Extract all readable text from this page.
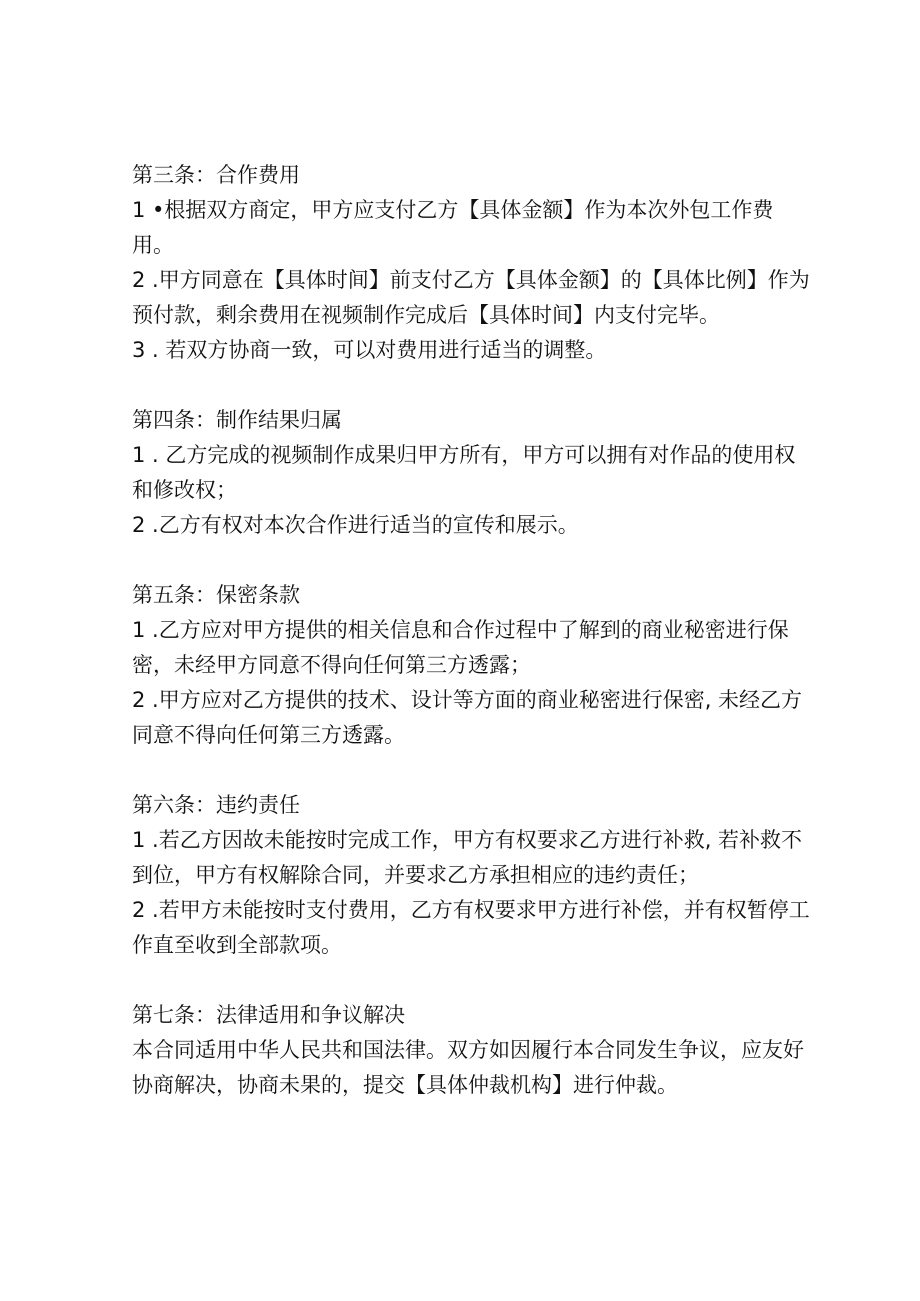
第三条：合作费用

1 •根据双方商定，甲方应支付乙方【具体金额】作为本次外包工作费用。

2 .甲方同意在【具体时间】前支付乙方【具体金额】的【具体比例】作为预付款，剩余费用在视频制作完成后【具体时间】内支付完毕。

3 . 若双方协商一致，可以对费用进行适当的调整。

第四条：制作结果归属

1 . 乙方完成的视频制作成果归甲方所有，甲方可以拥有对作品的使用权和修改权；

2 .乙方有权对本次合作进行适当的宣传和展示。

第五条：保密条款

1 .乙方应对甲方提供的相关信息和合作过程中了解到的商业秘密进行保密，未经甲方同意不得向任何第三方透露；

2 .甲方应对乙方提供的技术、设计等方面的商业秘密进行保密, 未经乙方同意不得向任何第三方透露。

第六条：违约责任

1 .若乙方因故未能按时完成工作，甲方有权要求乙方进行补救, 若补救不到位，甲方有权解除合同，并要求乙方承担相应的违约责任；

2 .若甲方未能按时支付费用，乙方有权要求甲方进行补偿，并有权暂停工作直至收到全部款项。

第七条：法律适用和争议解决

本合同适用中华人民共和国法律。双方如因履行本合同发生争议，应友好协商解决，协商未果的，提交【具体仲裁机构】进行仲裁。
